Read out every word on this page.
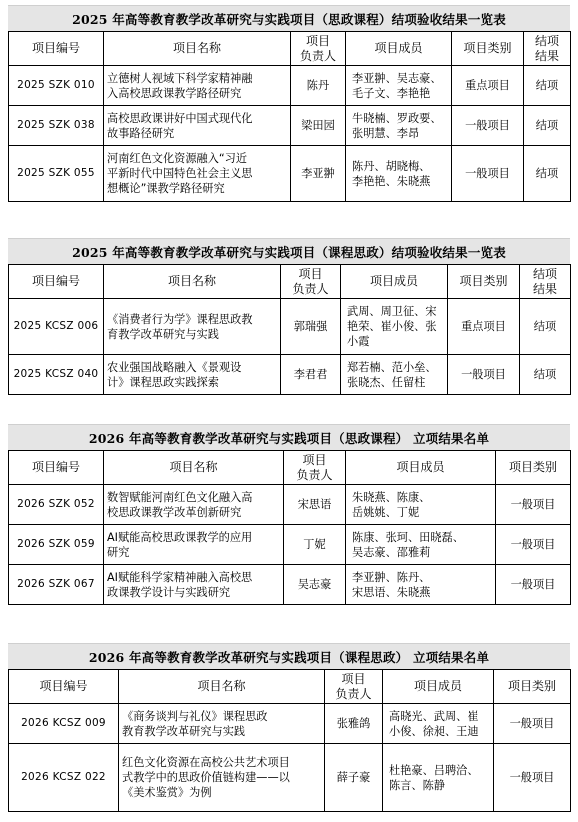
2025 年高等教育教学改革研究与实践项目（思政课程）结项验收结果一览表
项目编号	项目名称	项目
负责人	项目成员	项目类别	结项
结果
2025 SZK 010	立德树人视域下科学家精神融
入高校思政课教学路径研究	陈丹	李亚翀、吴志豪、
毛子文、李艳艳	重点项目	结项
2025 SZK 038	高校思政课讲好中国式现代化
故事路径研究	梁田园	牛晓楠、罗政要、
张明慧、李昂	一般项目	结项
2025 SZK 055	河南红色文化资源融入“习近
平新时代中国特色社会主义思
想概论”课教学路径研究	李亚翀	陈丹、胡晓梅、
李艳艳、朱晓燕	一般项目	结项
2025 年高等教育教学改革研究与实践项目（课程思政）结项验收结果一览表
项目编号	项目名称	项目
负责人	项目成员	项目类别	结项
结果
2025 KCSZ 006	《消费者行为学》课程思政教
育教学改革研究与实践	郭瑞强	武周、周卫征、宋
艳荣、崔小俊、张
小霞	重点项目	结项
2025 KCSZ 040	农业强国战略融入《景观设
计》课程思政实践探索	李君君	郑若楠、范小垒、
张晓杰、任留柱	一般项目	结项
2026 年高等教育教学改革研究与实践项目（思政课程） 立项结果名单
项目编号	项目名称	项目
负责人	项目成员	项目类别
2026 SZK 052	数智赋能河南红色文化融入高
校思政课教学改革创新研究	宋思语	朱晓燕、陈康、
岳姚姚、丁妮	一般项目
2026 SZK 059	AI赋能高校思政课教学的应用
研究	丁妮	陈康、张珂、田晓磊、
吴志豪、邵雅莉	一般项目
2026 SZK 067	AI赋能科学家精神融入高校思
政课教学设计与实践研究	吴志豪	李亚翀、陈丹、
宋思语、朱晓燕	一般项目
2026 年高等教育教学改革研究与实践项目（课程思政） 立项结果名单
项目编号	项目名称	项目
负责人	项目成员	项目类别
2026 KCSZ 009	《商务谈判与礼仪》课程思政
教育教学改革研究与实践	张雅鸽	高晓光、武周、崔
小俊、徐昶、王迪	一般项目
2026 KCSZ 022	红色文化资源在高校公共艺术项目
式教学中的思政价值链构建——以
《美术鉴赏》为例	薛子豪	杜艳豪、吕聘洽、
陈言、陈静	一般项目
